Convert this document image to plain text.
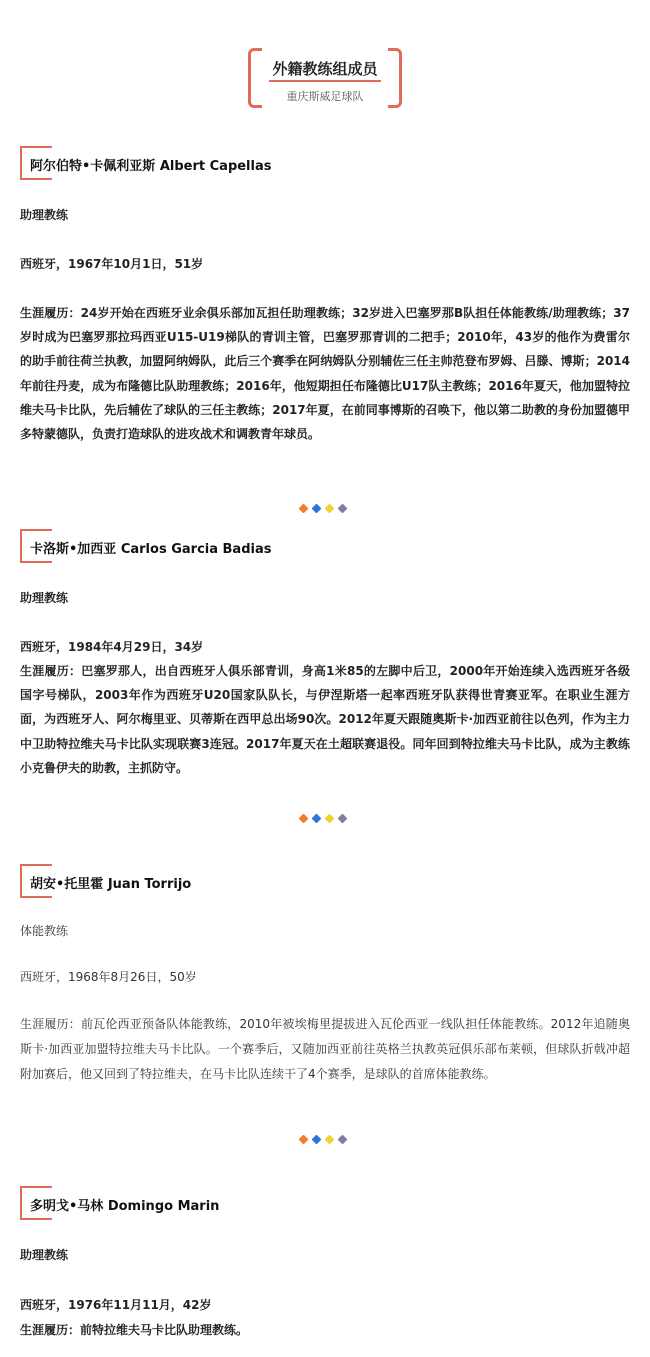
外籍教练组成员
重庆斯威足球队
阿尔伯特•卡佩利亚斯 Albert Capellas
助理教练
西班牙，1967年10月1日，51岁
生涯履历：24岁开始在西班牙业余俱乐部加瓦担任助理教练；32岁进入巴塞罗那B队担任体能教练/助理教练；37岁时成为巴塞罗那拉玛西亚U15-U19梯队的青训主管，巴塞罗那青训的二把手；2010年，43岁的他作为费雷尔的助手前往荷兰执教，加盟阿纳姆队，此后三个赛季在阿纳姆队分别辅佐三任主帅范登布罗姆、吕滕、博斯；2014年前往丹麦，成为布隆德比队助理教练；2016年，他短期担任布隆德比U17队主教练；2016年夏天，他加盟特拉维夫马卡比队，先后辅佐了球队的三任主教练；2017年夏，在前同事博斯的召唤下，他以第二助教的身份加盟德甲多特蒙德队，负责打造球队的进攻战术和调教青年球员。
卡洛斯•加西亚 Carlos Garcia Badias
助理教练
西班牙，1984年4月29日，34岁
生涯履历：巴塞罗那人，出自西班牙人俱乐部青训，身高1米85的左脚中后卫，2000年开始连续入选西班牙各级国字号梯队，2003年作为西班牙U20国家队队长，与伊涅斯塔一起率西班牙队获得世青赛亚军。在职业生涯方面，为西班牙人、阿尔梅里亚、贝蒂斯在西甲总出场90次。2012年夏天跟随奥斯卡·加西亚前往以色列，作为主力中卫助特拉维夫马卡比队实现联赛3连冠。2017年夏天在土超联赛退役。同年回到特拉维夫马卡比队，成为主教练小克鲁伊夫的助教，主抓防守。
胡安•托里霍 Juan Torrijo
体能教练
西班牙，1968年8月26日，50岁
生涯履历：前瓦伦西亚预备队体能教练，2010年被埃梅里提拔进入瓦伦西亚一线队担任体能教练。2012年追随奥斯卡·加西亚加盟特拉维夫马卡比队。一个赛季后，又随加西亚前往英格兰执教英冠俱乐部布莱顿，但球队折戟冲超附加赛后，他又回到了特拉维夫，在马卡比队连续干了4个赛季，是球队的首席体能教练。
多明戈•马林 Domingo Marin
助理教练
西班牙，1976年11月11月，42岁
生涯履历：前特拉维夫马卡比队助理教练。
